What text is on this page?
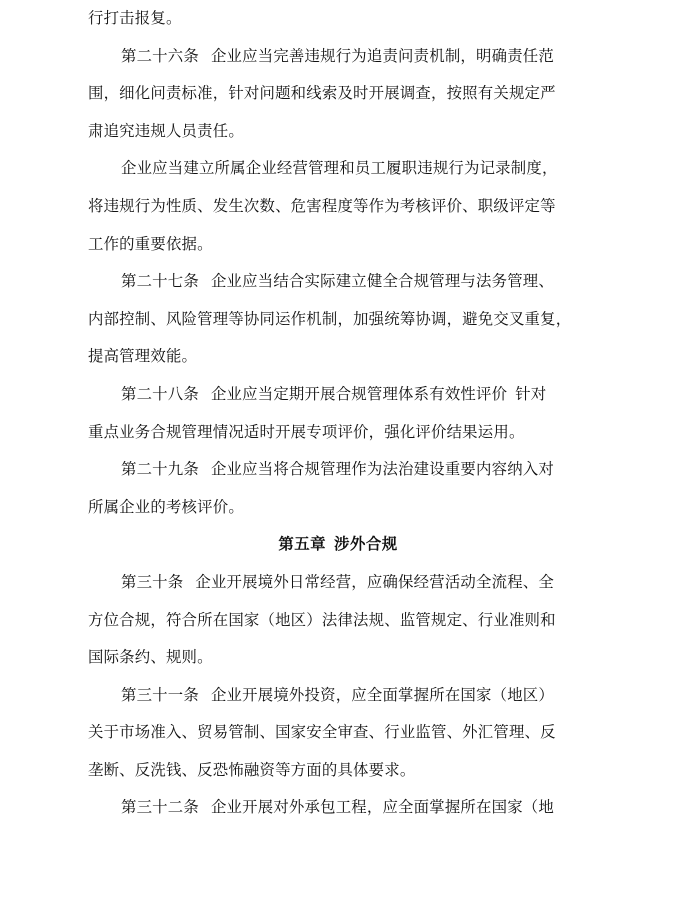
行打击报复。
第二十六条 企业应当完善违规行为追责问责机制，明确责任范
围，细化问责标准，针对问题和线索及时开展调查，按照有关规定严
肃追究违规人员责任。
企业应当建立所属企业经营管理和员工履职违规行为记录制度，
将违规行为性质、发生次数、危害程度等作为考核评价、职级评定等
工作的重要依据。
第二十七条 企业应当结合实际建立健全合规管理与法务管理、
内部控制、风险管理等协同运作机制，加强统筹协调，避免交叉重复，
提高管理效能。
第二十八条 企业应当定期开展合规管理体系有效性评价 针对
重点业务合规管理情况适时开展专项评价，强化评价结果运用。
第二十九条 企业应当将合规管理作为法治建设重要内容纳入对
所属企业的考核评价。
第五章 涉外合规
第三十条 企业开展境外日常经营，应确保经营活动全流程、全
方位合规，符合所在国家（地区）法律法规、监管规定、行业准则和
国际条约、规则。
第三十一条 企业开展境外投资，应全面掌握所在国家（地区）
关于市场准入、贸易管制、国家安全审查、行业监管、外汇管理、反
垄断、反洗钱、反恐怖融资等方面的具体要求。
第三十二条 企业开展对外承包工程，应全面掌握所在国家（地
